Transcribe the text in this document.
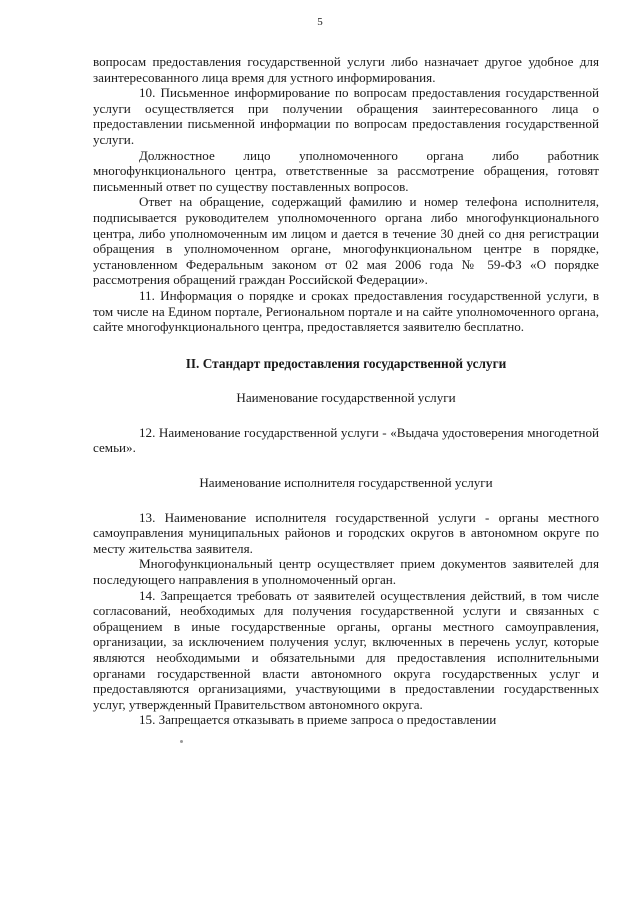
5

вопросам предоставления государственной услуги либо назначает другое удобное для заинтересованного лица время для устного информирования.

10. Письменное информирование по вопросам предоставления государственной услуги осуществляется при получении обращения заинтересованного лица о предоставлении письменной информации по вопросам предоставления государственной услуги.

Должностное лицо уполномоченного органа либо работник многофункционального центра, ответственные за рассмотрение обращения, готовят письменный ответ по существу поставленных вопросов.

Ответ на обращение, содержащий фамилию и номер телефона исполнителя, подписывается руководителем уполномоченного органа либо многофункционального центра, либо уполномоченным им лицом и дается в течение 30 дней со дня регистрации обращения в уполномоченном органе, многофункциональном центре в порядке, установленном Федеральным законом от 02 мая 2006 года № 59-ФЗ «О порядке рассмотрения обращений граждан Российской Федерации».

11. Информация о порядке и сроках предоставления государственной услуги, в том числе на Едином портале, Региональном портале и на сайте уполномоченного органа, сайте многофункционального центра, предоставляется заявителю бесплатно.

II. Стандарт предоставления государственной услуги
Наименование государственной услуги

12. Наименование государственной услуги - «Выдача удостоверения многодетной семьи».

Наименование исполнителя государственной услуги

13. Наименование исполнителя государственной услуги - органы местного самоуправления муниципальных районов и городских округов в автономном округе по месту жительства заявителя.

Многофункциональный центр осуществляет прием документов заявителей для последующего направления в уполномоченный орган.

14. Запрещается требовать от заявителей осуществления действий, в том числе согласований, необходимых для получения государственной услуги и связанных с обращением в иные государственные органы, органы местного самоуправления, организации, за исключением получения услуг, включенных в перечень услуг, которые являются необходимыми и обязательными для предоставления исполнительными органами государственной власти автономного округа государственных услуг и предоставляются организациями, участвующими в предоставлении государственных услуг, утвержденный Правительством автономного округа.

15. Запрещается отказывать в приеме запроса о предоставлении
